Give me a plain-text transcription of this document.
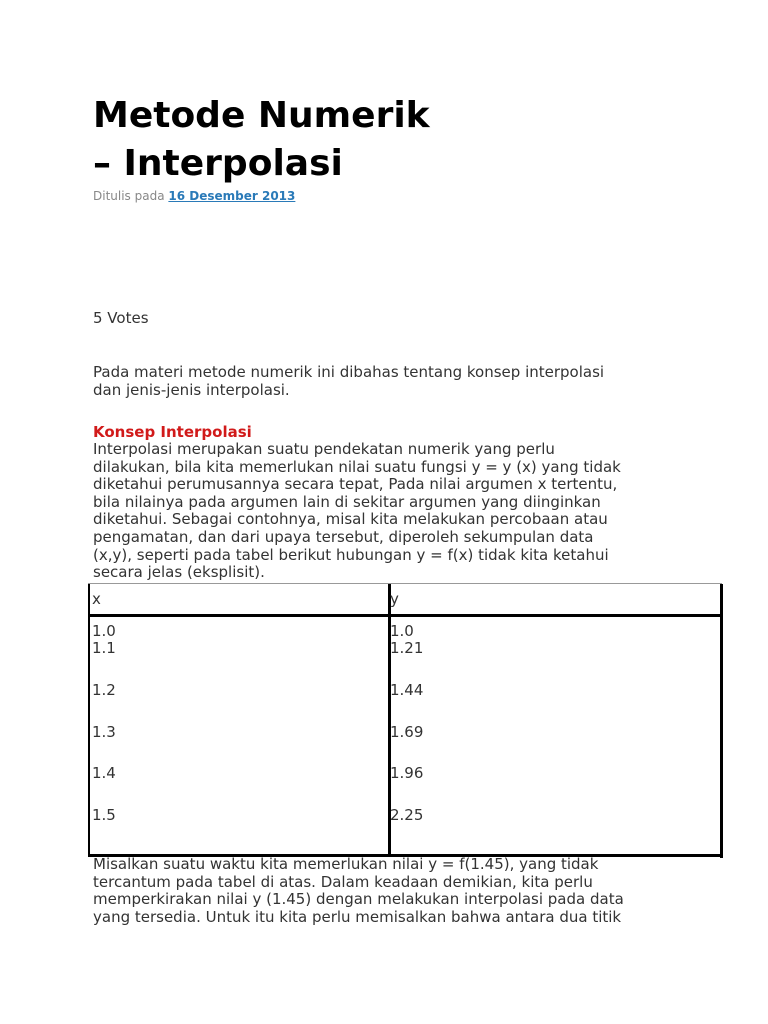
Metode Numerik
– Interpolasi
Ditulis pada 16 Desember 2013
5 Votes
Pada materi metode numerik ini dibahas tentang konsep interpolasi
dan jenis-jenis interpolasi.
Konsep Interpolasi
Interpolasi merupakan suatu pendekatan numerik yang perlu
dilakukan, bila kita memerlukan nilai suatu fungsi y = y (x) yang tidak
diketahui perumusannya secara tepat, Pada nilai argumen x tertentu,
bila nilainya pada argumen lain di sekitar argumen yang diinginkan
diketahui. Sebagai contohnya, misal kita melakukan percobaan atau
pengamatan, dan dari upaya tersebut, diperoleh sekumpulan data
(x,y), seperti pada tabel berikut hubungan y = f(x) tidak kita ketahui
secara jelas (eksplisit).
x	y
1.0	1.0
1.1	1.21
1.2	1.44
1.3	1.69
1.4	1.96
1.5	2.25
Misalkan suatu waktu kita memerlukan nilai y = f(1.45), yang tidak
tercantum pada tabel di atas. Dalam keadaan demikian, kita perlu
memperkirakan nilai y (1.45) dengan melakukan interpolasi pada data
yang tersedia. Untuk itu kita perlu memisalkan bahwa antara dua titik
